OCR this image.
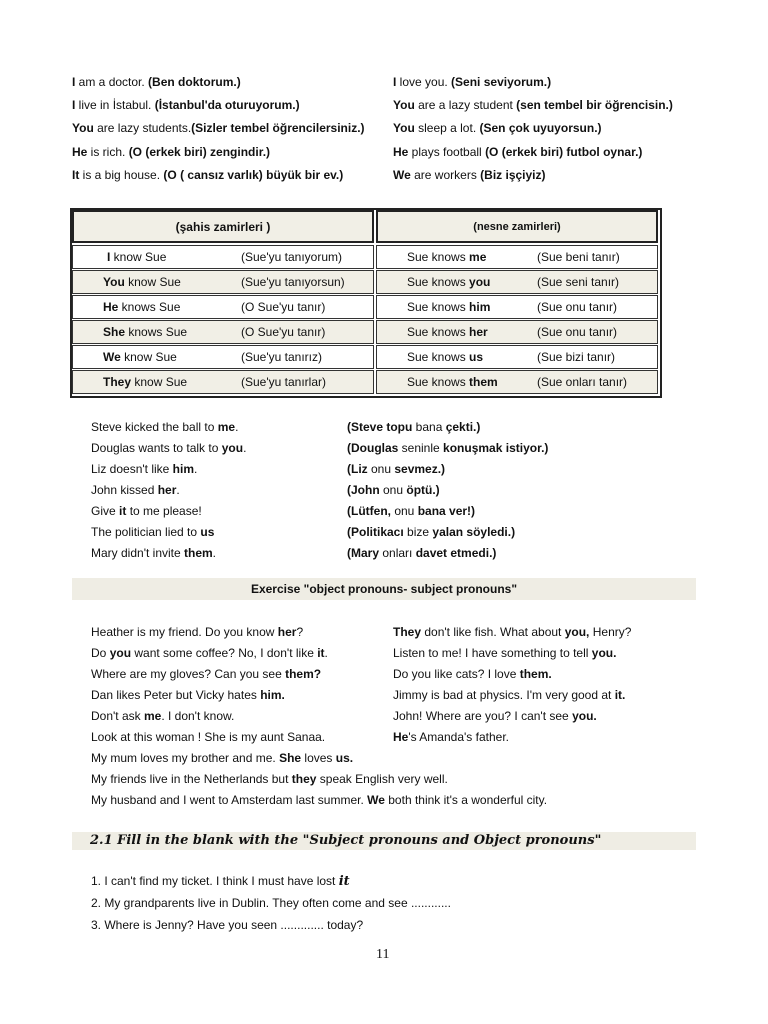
I am a doctor. (Ben doktorum.)
I live in İstabul. (İstanbul'da oturuyorum.)
You are lazy students.(Sizler tembel öğrencilersiniz.)
He is rich. (O (erkek biri) zengindir.)
It is a big house. (O ( cansız varlık) büyük bir ev.)
I love you. (Seni seviyorum.)
You are a lazy student (sen tembel bir öğrencisin.)
You sleep a lot. (Sen çok uyuyorsun.)
He plays football (O (erkek biri) futbol oynar.)
We are workers (Biz işçiyiz)
(şahis zamirleri )	(nesne zamirleri)
I know Sue	(Sue'yu tanıyorum)	Sue knows me	(Sue beni tanır)
You know Sue	(Sue'yu tanıyorsun)	Sue knows you	(Sue seni tanır)
He knows Sue	(O Sue'yu tanır)	Sue knows him	(Sue onu tanır)
She knows Sue	(O Sue'yu tanır)	Sue knows her	(Sue onu tanır)
We know Sue	(Sue'yu tanırız)	Sue knows us	(Sue bizi tanır)
They know Sue	(Sue'yu tanırlar)	Sue knows them	(Sue onları tanır)
Steve kicked the ball to me.	(Steve topu bana çekti.)
Douglas wants to talk to you.	(Douglas seninle konuşmak istiyor.)
Liz doesn't like him.	(Liz onu sevmez.)
John kissed her.	(John onu öptü.)
Give it to me please!	(Lütfen, onu bana ver!)
The politician lied to us	(Politikacı bize yalan söyledi.)
Mary didn't invite them.	(Mary onları davet etmedi.)
Exercise "object pronouns- subject pronouns"
Heather is my friend. Do you know her?
Do you want some coffee? No, I don't like it.
Where are my gloves? Can you see them?
Dan likes Peter but Vicky hates him.
Don't ask me. I don't know.
Look at this woman ! She is my aunt Sanaa.
They don't like fish. What about you, Henry?
Listen to me! I have something to tell you.
Do you like cats? I love them.
Jimmy is bad at physics. I'm very good at it.
John! Where are you? I can't see you.
He's Amanda's father.
My mum loves my brother and me. She loves us.
My friends live in the Netherlands but they speak English very well.
My husband and I went to Amsterdam last summer. We both think it's a wonderful city.
2.1 Fill in the blank with the "Subject pronouns and Object pronouns"
1. I can't find my ticket. I think I must have lost it
2. My grandparents live in Dublin. They often come and see ............
3. Where is Jenny? Have you seen ............. today?
11
